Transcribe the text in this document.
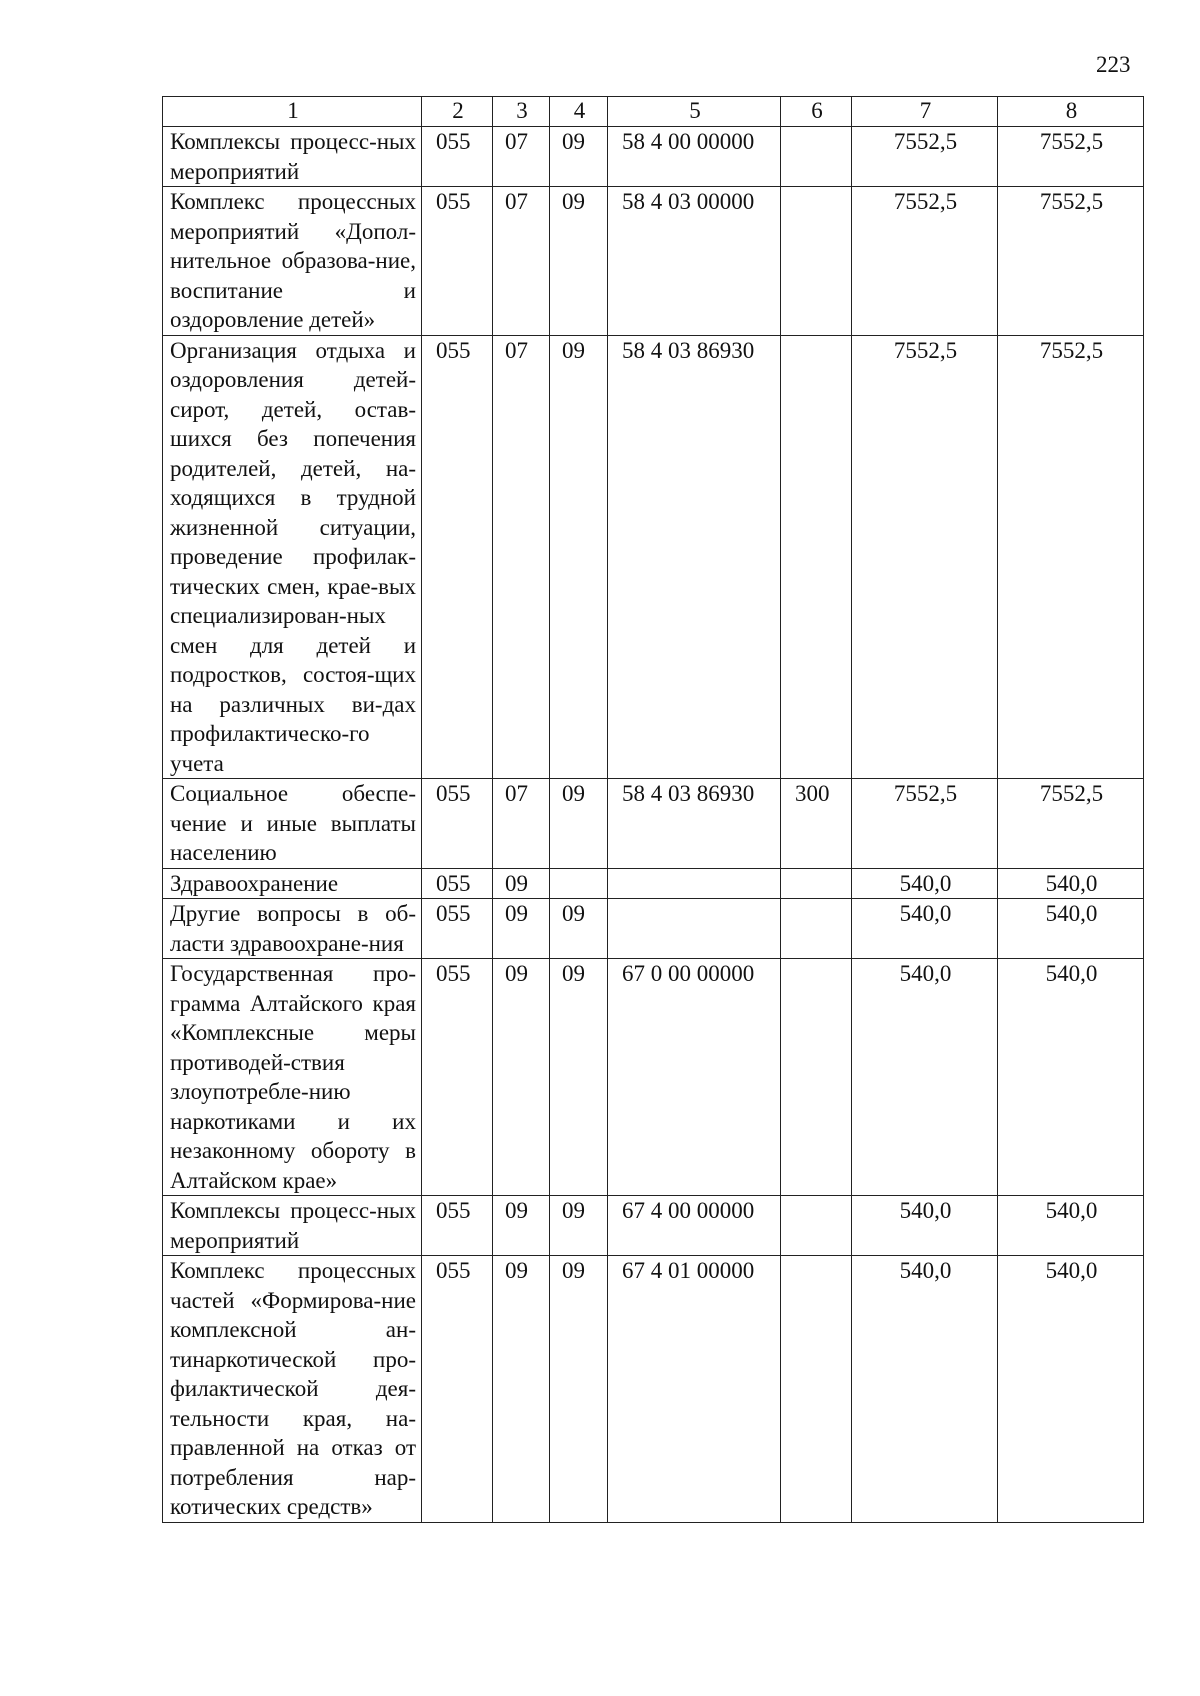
223
1	2	3	4	5	6	7	8
Комплексы процесс-ных мероприятий	055	07	09	58 4 00 00000		7552,5	7552,5
Комплекс процессных мероприятий «Допол-нительное образова-ние, воспитание и оздоровление детей»	055	07	09	58 4 03 00000		7552,5	7552,5
Организация отдыха и оздоровления детей-сирот, детей, остав-шихся без попечения родителей, детей, на-ходящихся в трудной жизненной ситуации, проведение профилак-тических смен, крае-вых специализирован-ных смен для детей и подростков, состоя-щих на различных ви-дах профилактическо-го учета	055	07	09	58 4 03 86930		7552,5	7552,5
Социальное обеспе-чение и иные выплаты населению	055	07	09	58 4 03 86930	300	7552,5	7552,5
Здравоохранение	055	09				540,0	540,0
Другие вопросы в об-ласти здравоохране-ния	055	09	09			540,0	540,0
Государственная про-грамма Алтайского края «Комплексные меры противодей-ствия злоупотребле-нию наркотиками и их незаконному обороту в Алтайском крае»	055	09	09	67 0 00 00000		540,0	540,0
Комплексы процесс-ных мероприятий	055	09	09	67 4 00 00000		540,0	540,0
Комплекс процессных частей «Формирова-ние комплексной ан-тинаркотической про-филактической дея-тельности края, на-правленной на отказ от потребления нар-котических средств»	055	09	09	67 4 01 00000		540,0	540,0
